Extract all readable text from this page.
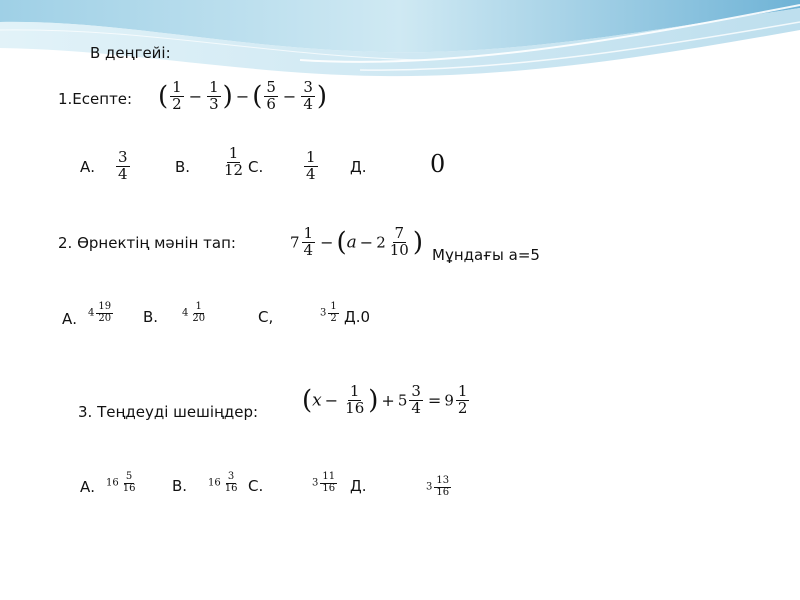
В деңгейі:
1.Есепте: ( $\frac{1}{2} - \frac{1}{3}$ ) − ( $\frac{5}{6} - \frac{3}{4}$ )
А. $\frac{3}{4}$	В. $\frac{1}{12} С$.	$\frac{1}{4} Д$.	0
2. Өрнектің мәнін тап:	$7 \frac{1}{4} - (a - 2 \frac{7}{10}$ ) Мұндағы a=5
А. $4 \frac{19}{20} В$. $4 \frac{1}{20}$	С,	$3 \frac{1}{2} Д.0$
3. Теңдеуді шешіңдер: ($x - \frac{1}{16}$ ) + $5 \frac{3}{4} = 9 \frac{1}{2}$
А. $16 \frac{5}{16} В$. $16 \frac{3}{16} С$.	$3 \frac{11}{16} Д$.	$3 \frac{13}{16}$
